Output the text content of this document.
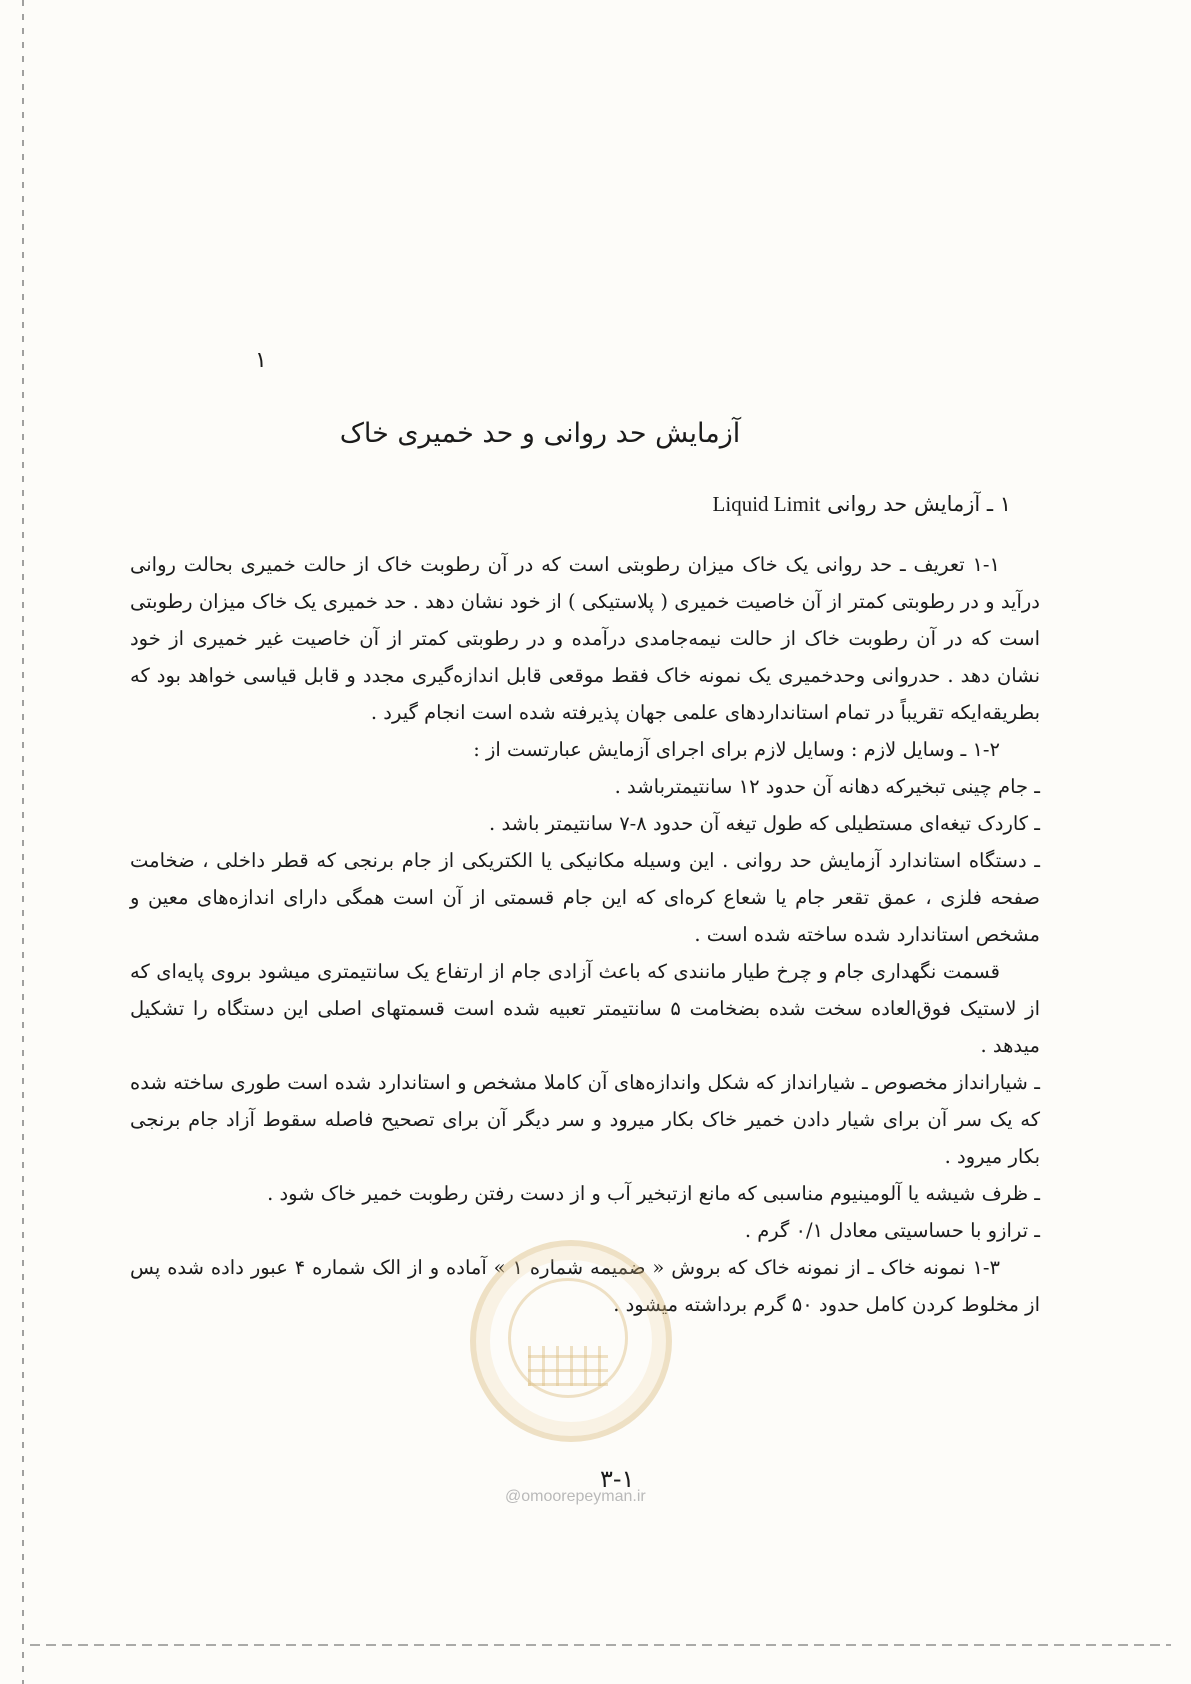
۱
آزمایش حد روانی و حد خمیری خاک
۱ ـ آزمایش حد روانی Liquid Limit

۱-۱ تعریف ـ حد روانی یک خاک میزان رطوبتی است که در آن رطوبت خاک از حالت خمیری بحالت روانی درآید و در رطوبتی کمتر از آن خاصیت خمیری ( پلاستیکی ) از خود نشان دهد . حد خمیری یک خاک میزان رطوبتی است که در آن رطوبت خاک از حالت نیمه‌جامدی درآمده و در رطوبتی کمتر از آن خاصیت غیر خمیری از خود نشان دهد . حدروانی وحدخمیری یک نمونه خاک فقط موقعی قابل اندازه‌گیری مجدد و قابل قیاسی خواهد بود که بطریقه‌ایکه تقریباً در تمام استانداردهای علمی جهان پذیرفته شده است انجام گیرد .

۱-۲ ـ وسایل لازم : وسایل لازم برای اجرای آزمایش عبارتست از :

ـ جام چینی تبخیرکه دهانه آن حدود ۱۲ سانتیمترباشد .

ـ کاردک تیغه‌ای مستطیلی که طول تیغه آن حدود ۸-۷ سانتیمتر باشد .

ـ دستگاه استاندارد آزمایش حد روانی . این وسیله مکانیکی یا الکتریکی از جام برنجی که قطر داخلی ، ضخامت صفحه فلزی ، عمق تقعر جام یا شعاع کره‌ای که این جام قسمتی از آن است همگی دارای اندازه‌های معین و مشخص استاندارد شده ساخته شده است .

قسمت نگهداری جام و چرخ طیار مانندی که باعث آزادی جام از ارتفاع یک سانتیمتری میشود بروی پایه‌ای که از لاستیک فوق‌العاده سخت شده بضخامت ۵ سانتیمتر تعبیه شده است قسمتهای اصلی این دستگاه را تشکیل میدهد .

ـ شیارانداز مخصوص ـ شیارانداز که شکل واندازه‌های آن کاملا مشخص و استاندارد شده است طوری ساخته شده که یک سر آن برای شیار دادن خمیر خاک بکار میرود و سر دیگر آن برای تصحیح فاصله سقوط آزاد جام برنجی بکار میرود .

ـ ظرف شیشه یا آلومینیوم مناسبی که مانع ازتبخیر آب و از دست رفتن رطوبت خمیر خاک شود .

ـ ترازو با حساسیتی معادل ۰/۱ گرم .

۱-۳ نمونه خاک ـ از نمونه خاک که بروش « ضمیمه شماره ۱ » آماده و از الک شماره ۴ عبور داده شده پس از مخلوط کردن کامل حدود ۵۰ گرم برداشته میشود .

۳-۱
@omoorepeyman.ir
